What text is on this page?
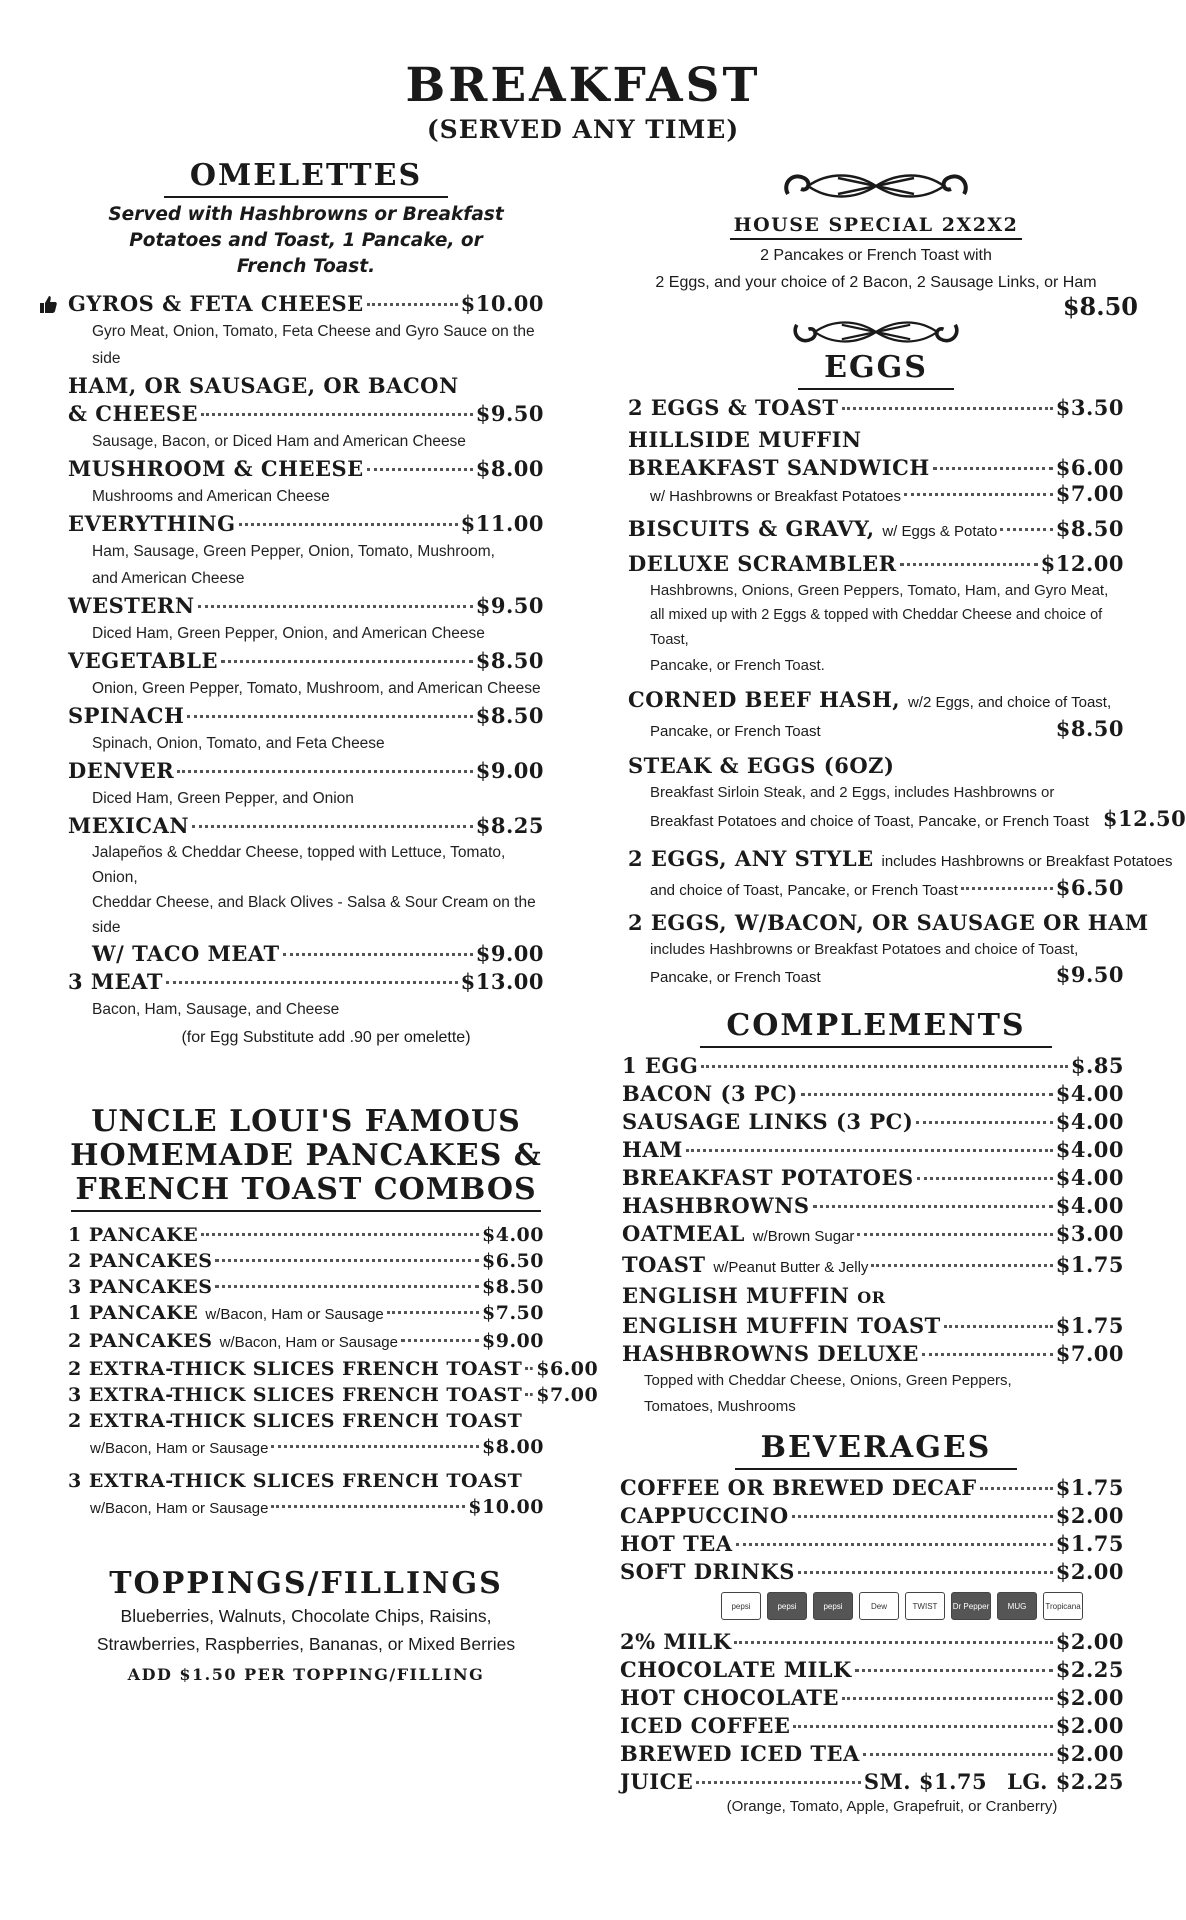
BREAKFAST
(SERVED ANY TIME)
OMELETTES
Served with Hashbrowns or Breakfast Potatoes and Toast, 1 Pancake, or French Toast.
GYROS & FETA CHEESE	$10.00
Gyro Meat, Onion, Tomato, Feta Cheese and Gyro Sauce on the side
HAM, OR SAUSAGE, OR BACON
& CHEESE	$9.50
Sausage, Bacon, or Diced Ham and American Cheese
MUSHROOM & CHEESE	$8.00
Mushrooms and American Cheese
EVERYTHING	$11.00
Ham, Sausage, Green Pepper, Onion, Tomato, Mushroom,
and American Cheese
WESTERN	$9.50
Diced Ham, Green Pepper, Onion, and American Cheese
VEGETABLE	$8.50
Onion, Green Pepper, Tomato, Mushroom, and American Cheese
SPINACH	$8.50
Spinach, Onion, Tomato, and Feta Cheese
DENVER	$9.00
Diced Ham, Green Pepper, and Onion
MEXICAN	$8.25
Jalapeños & Cheddar Cheese, topped with Lettuce, Tomato, Onion,
Cheddar Cheese, and Black Olives - Salsa & Sour Cream on the side
W/ TACO MEAT	$9.00
3 MEAT	$13.00
Bacon, Ham, Sausage, and Cheese
(for Egg Substitute add .90 per omelette)
UNCLE LOUI'S FAMOUS
HOMEMADE PANCAKES &
FRENCH TOAST COMBOS
1 PANCAKE	$4.00
2 PANCAKES	$6.50
3 PANCAKES	$8.50
1 PANCAKE w/Bacon, Ham or Sausage	$7.50
2 PANCAKES w/Bacon, Ham or Sausage	$9.00
2 EXTRA-THICK SLICES FRENCH TOAST $6.00
3 EXTRA-THICK SLICES FRENCH TOAST $7.00
2 EXTRA-THICK SLICES FRENCH TOAST
w/Bacon, Ham or Sausage	$8.00
3 EXTRA-THICK SLICES FRENCH TOAST
w/Bacon, Ham or Sausage	$10.00
TOPPINGS/FILLINGS
Blueberries, Walnuts, Chocolate Chips, Raisins,
Strawberries, Raspberries, Bananas, or Mixed Berries
ADD $1.50 PER TOPPING/FILLING
HOUSE SPECIAL 2X2X2
2 Pancakes or French Toast with
2 Eggs, and your choice of 2 Bacon, 2 Sausage Links, or Ham
$8.50
EGGS
2 EGGS & TOAST	$3.50
HILLSIDE MUFFIN
BREAKFAST SANDWICH	$6.00
w/ Hashbrowns or Breakfast Potatoes	$7.00
BISCUITS & GRAVY, w/ Eggs & Potato	$8.50
DELUXE SCRAMBLER	$12.00
Hashbrowns, Onions, Green Peppers, Tomato, Ham, and Gyro Meat,
all mixed up with 2 Eggs & topped with Cheddar Cheese and choice of Toast,
Pancake, or French Toast.
CORNED BEEF HASH, w/2 Eggs, and choice of Toast,
Pancake, or French Toast	$8.50
STEAK & EGGS (6OZ)
Breakfast Sirloin Steak, and 2 Eggs, includes Hashbrowns or
Breakfast Potatoes and choice of Toast, Pancake, or French Toast $12.50
2 EGGS, ANY STYLE includes Hashbrowns or Breakfast Potatoes
and choice of Toast, Pancake, or French Toast	$6.50
2 EGGS, W/BACON, OR SAUSAGE OR HAM
includes Hashbrowns or Breakfast Potatoes and choice of Toast,
Pancake, or French Toast	$9.50
COMPLEMENTS
1 EGG	$.85
BACON (3 PC)	$4.00
SAUSAGE LINKS (3 PC)	$4.00
HAM	$4.00
BREAKFAST POTATOES	$4.00
HASHBROWNS	$4.00
OATMEAL w/Brown Sugar	$3.00
TOAST w/Peanut Butter & Jelly	$1.75
ENGLISH MUFFIN OR
ENGLISH MUFFIN TOAST	$1.75
HASHBROWNS DELUXE	$7.00
Topped with Cheddar Cheese, Onions, Green Peppers,
Tomatoes, Mushrooms
BEVERAGES
COFFEE OR BREWED DECAF	$1.75
CAPPUCCINO	$2.00
HOT TEA	$1.75
SOFT DRINKS	$2.00
pepsi	pepsi	pepsi	Dew	TWIST	Dr Pepper	MUG	Tropicana
2% MILK	$2.00
CHOCOLATE MILK	$2.25
HOT CHOCOLATE	$2.00
ICED COFFEE	$2.00
BREWED ICED TEA	$2.00
JUICE	SM. $1.75 LG. $2.25
(Orange, Tomato, Apple, Grapefruit, or Cranberry)
